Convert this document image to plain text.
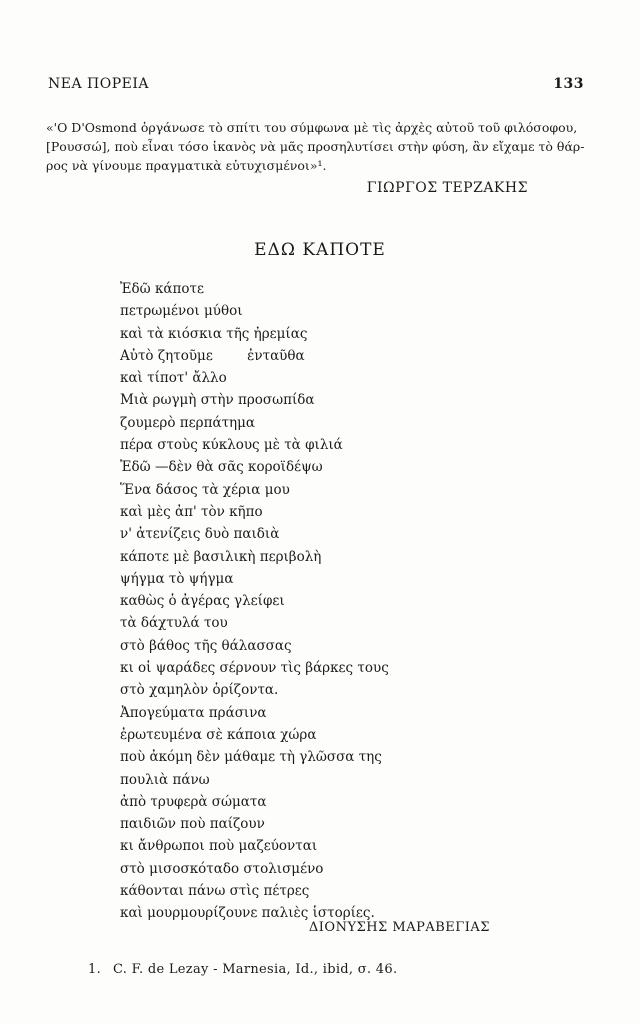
ΝΕΑ ΠΟΡΕΙΑ	133
«'O D'Osmond ὀργάνωσε τὸ σπίτι του σύμφωνα μὲ τὶς ἀρχὲς αὐτοῦ τοῦ φιλόσοφου,
[Ρουσσώ], ποὺ εἶναι τόσο ἱκανὸς νὰ μᾶς προσηλυτίσει στὴν φύση, ἂν εἴχαμε τὸ θάρ-
ρος νὰ γίνουμε πραγματικὰ εὐτυχισμένοι»¹.
ΓΙΩΡΓΟΣ ΤΕΡΖΑΚΗΣ
ΕΔΩ ΚΑΠΟΤΕ
Ἐδῶ κάποτε
πετρωμένοι μύθοι
καὶ τὰ κιόσκια τῆς ἠρεμίας
Αὐτὸ ζητοῦμε        ἐνταῦθα
καὶ τίποτ' ἄλλο
Μιὰ ρωγμὴ στὴν προσωπίδα
ζουμερὸ περπάτημα
πέρα στοὺς κύκλους μὲ τὰ φιλιά
Ἐδῶ —δὲν θὰ σᾶς κοροϊδέψω
Ἕνα δάσος τὰ χέρια μου
καὶ μὲς ἀπ' τὸν κῆπο
ν' ἀτενίζεις δυὸ παιδιὰ
κάποτε μὲ βασιλικὴ περιβολὴ
ψήγμα τὸ ψήγμα
καθὼς ὁ ἀγέρας γλείφει
τὰ δάχτυλά του
στὸ βάθος τῆς θάλασσας
κι οἱ ψαράδες σέρνουν τὶς βάρκες τους
στὸ χαμηλὸν ὁρίζοντα.
Ἀπογεύματα πράσινα
ἐρωτευμένα σὲ κάποια χώρα
ποὺ ἀκόμη δὲν μάθαμε τὴ γλῶσσα της
πουλιὰ πάνω
ἀπὸ τρυφερὰ σώματα
παιδιῶν ποὺ παίζουν
κι ἄνθρωποι ποὺ μαζεύονται
στὸ μισοσκόταδο στολισμένο
κάθονται πάνω στὶς πέτρες
καὶ μουρμουρίζουνε παλιὲς ἱστορίες.
ΔΙΟΝΥΣΗΣ ΜΑΡΑΒΕΓΙΑΣ
1. C. F. de Lezay - Marnesia, Id., ibid, σ. 46.
